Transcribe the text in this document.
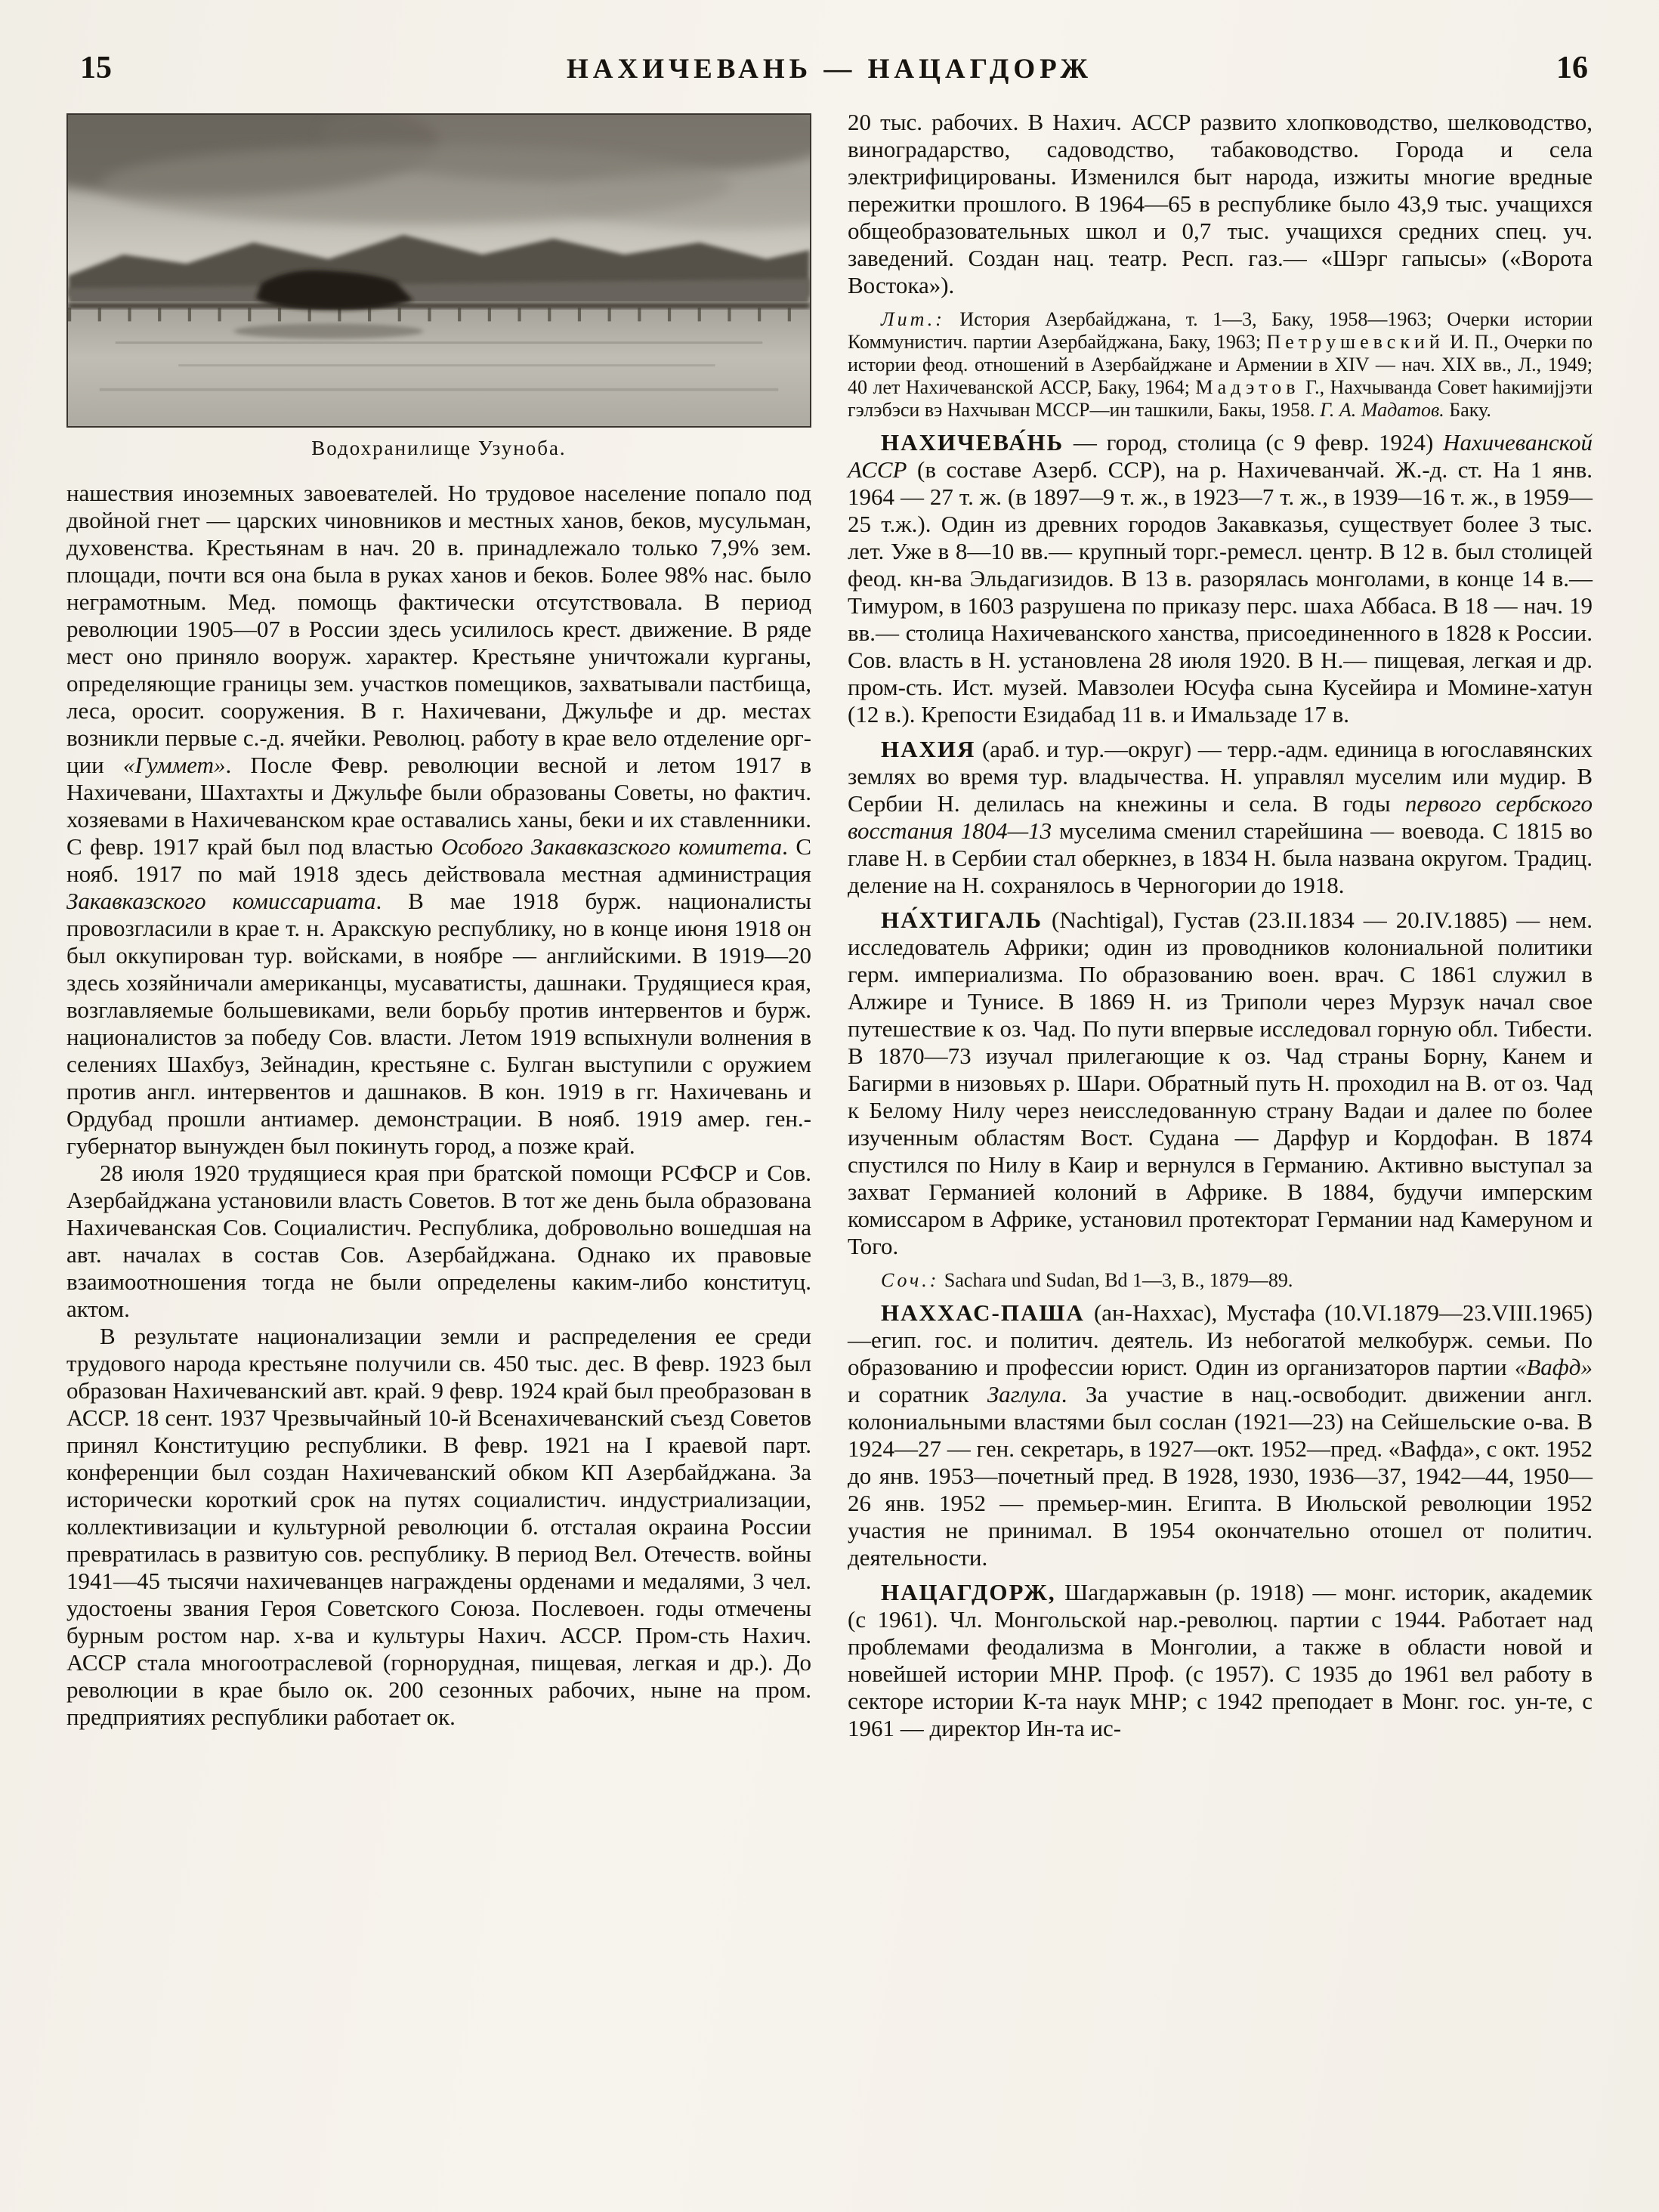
15	НАХИЧЕВАНЬ — НАЦАГДОРЖ	16
Водохранилище Узуноба.

нашествия иноземных завоевателей. Но трудовое население попало под двойной гнет — царских чиновников и местных ханов, беков, мусульман, духовенства. Крестьянам в нач. 20 в. принадлежало только 7,9% зем. площади, почти вся она была в руках ханов и беков. Более 98% нас. было неграмотным. Мед. помощь фактически отсутствовала. В период революции 1905—07 в России здесь усилилось крест. движение. В ряде мест оно приняло вооруж. характер. Крестьяне уничтожали курганы, определяющие границы зем. участков помещиков, захватывали пастбища, леса, оросит. сооружения. В г. Нахичевани, Джульфе и др. местах возникли первые с.-д. ячейки. Революц. работу в крае вело отделение орг-ции «Гуммет». После Февр. революции весной и летом 1917 в Нахичевани, Шахтахты и Джульфе были образованы Советы, но фактич. хозяевами в Нахичеванском крае оставались ханы, беки и их ставленники. С февр. 1917 край был под властью Особого Закавказского комитета. С нояб. 1917 по май 1918 здесь действовала местная администрация Закавказского комиссариата. В мае 1918 бурж. националисты провозгласили в крае т. н. Аракскую республику, но в конце июня 1918 он был оккупирован тур. войсками, в ноябре — английскими. В 1919—20 здесь хозяйничали американцы, мусаватисты, дашнаки. Трудящиеся края, возглавляемые большевиками, вели борьбу против интервентов и бурж. националистов за победу Сов. власти. Летом 1919 вспыхнули волнения в селениях Шахбуз, Зейнадин, крестьяне с. Булган выступили с оружием против англ. интервентов и дашнаков. В кон. 1919 в гг. Нахичевань и Ордубад прошли антиамер. демонстрации. В нояб. 1919 амер. ген.-губернатор вынужден был покинуть город, а позже край.

28 июля 1920 трудящиеся края при братской помощи РСФСР и Сов. Азербайджана установили власть Советов. В тот же день была образована Нахичеванская Сов. Социалистич. Республика, добровольно вошедшая на авт. началах в состав Сов. Азербайджана. Однако их правовые взаимоотношения тогда не были определены каким-либо конституц. актом.

В результате национализации земли и распределения ее среди трудового народа крестьяне получили св. 450 тыс. дес. В февр. 1923 был образован Нахичеванский авт. край. 9 февр. 1924 край был преобразован в АССР. 18 сент. 1937 Чрезвычайный 10-й Всенахичеванский съезд Советов принял Конституцию республики. В февр. 1921 на I краевой парт. конференции был создан Нахичеванский обком КП Азербайджана. За исторически короткий срок на путях социалистич. индустриализации, коллективизации и культурной революции б. отсталая окраина России превратилась в развитую сов. республику. В период Вел. Отечеств. войны 1941—45 тысячи нахичеванцев награждены орденами и медалями, 3 чел. удостоены звания Героя Советского Союза. Послевоен. годы отмечены бурным ростом нар. х-ва и культуры Нахич. АССР. Пром-сть Нахич. АССР стала многоотраслевой (горнорудная, пищевая, легкая и др.). До революции в крае было ок. 200 сезонных рабочих, ныне на пром. предприятиях республики работает ок.

20 тыс. рабочих. В Нахич. АССР развито хлопководство, шелководство, виноградарство, садоводство, табаководство. Города и села электрифицированы. Изменился быт народа, изжиты многие вредные пережитки прошлого. В 1964—65 в республике было 43,9 тыс. учащихся общеобразовательных школ и 0,7 тыс. учащихся средних спец. уч. заведений. Создан нац. театр. Респ. газ.— «Шэрг гапысы» («Ворота Востока»).

Лит.: История Азербайджана, т. 1—3, Баку, 1958—1963; Очерки истории Коммунистич. партии Азербайджана, Баку, 1963; Петрушевский И. П., Очерки по истории феод. отношений в Азербайджане и Армении в XIV — нач. XIX вв., Л., 1949; 40 лет Нахичеванской АССР, Баку, 1964; Мадэтов Г., Нахчыванда Совет һакимијјэти гэлэбэси вэ Нахчыван МССР—ин ташкили, Бакы, 1958. Г. А. Мадатов. Баку.

НАХИЧЕВА́НЬ — город, столица (с 9 февр. 1924) Нахичеванской АССР (в составе Азерб. ССР), на р. Нахичеванчай. Ж.-д. ст. На 1 янв. 1964 — 27 т. ж. (в 1897—9 т. ж., в 1923—7 т. ж., в 1939—16 т. ж., в 1959—25 т.ж.). Один из древних городов Закавказья, существует более 3 тыс. лет. Уже в 8—10 вв.— крупный торг.-ремесл. центр. В 12 в. был столицей феод. кн-ва Эльдагизидов. В 13 в. разорялась монголами, в конце 14 в.— Тимуром, в 1603 разрушена по приказу перс. шаха Аббаса. В 18 — нач. 19 вв.— столица Нахичеванского ханства, присоединенного в 1828 к России. Сов. власть в Н. установлена 28 июля 1920. В Н.— пищевая, легкая и др. пром-сть. Ист. музей. Мавзолеи Юсуфа сына Кусейира и Момине-хатун (12 в.). Крепости Езидабад 11 в. и Имальзаде 17 в.

НАХИЯ (араб. и тур.—округ) — терр.-адм. единица в югославянских землях во время тур. владычества. Н. управлял муселим или мудир. В Сербии Н. делилась на кнежины и села. В годы первого сербского восстания 1804—13 муселима сменил старейшина — воевода. С 1815 во главе Н. в Сербии стал оберкнез, в 1834 Н. была названа округом. Традиц. деление на Н. сохранялось в Черногории до 1918.

НА́ХТИГАЛЬ (Nachtigal), Густав (23.II.1834 — 20.IV.1885) — нем. исследователь Африки; один из проводников колониальной политики герм. империализма. По образованию воен. врач. С 1861 служил в Алжире и Тунисе. В 1869 Н. из Триполи через Мурзук начал свое путешествие к оз. Чад. По пути впервые исследовал горную обл. Тибести. В 1870—73 изучал прилегающие к оз. Чад страны Борну, Канем и Багирми в низовьях р. Шари. Обратный путь Н. проходил на В. от оз. Чад к Белому Нилу через неисследованную страну Вадаи и далее по более изученным областям Вост. Судана — Дарфур и Кордофан. В 1874 спустился по Нилу в Каир и вернулся в Германию. Активно выступал за захват Германией колоний в Африке. В 1884, будучи имперским комиссаром в Африке, установил протекторат Германии над Камеруном и Того.

Соч.: Sachara und Sudan, Bd 1—3, B., 1879—89.

НАХХАС-ПАША (ан-Наххас), Мустафа (10.VI.1879—23.VIII.1965)—егип. гос. и политич. деятель. Из небогатой мелкобурж. семьи. По образованию и профессии юрист. Один из организаторов партии «Вафд» и соратник Заглула. За участие в нац.-освободит. движении англ. колониальными властями был сослан (1921—23) на Сейшельские о-ва. В 1924—27 — ген. секретарь, в 1927—окт. 1952—пред. «Вафда», с окт. 1952 до янв. 1953—почетный пред. В 1928, 1930, 1936—37, 1942—44, 1950—26 янв. 1952 — премьер-мин. Египта. В Июльской революции 1952 участия не принимал. В 1954 окончательно отошел от политич. деятельности.

НАЦАГДОРЖ, Шагдаржавын (р. 1918) — монг. историк, академик (с 1961). Чл. Монгольской нар.-революц. партии с 1944. Работает над проблемами феодализма в Монголии, а также в области новой и новейшей истории МНР. Проф. (с 1957). С 1935 до 1961 вел работу в секторе истории К-та наук МНР; с 1942 преподает в Монг. гос. ун-те, с 1961 — директор Ин-та ис-
